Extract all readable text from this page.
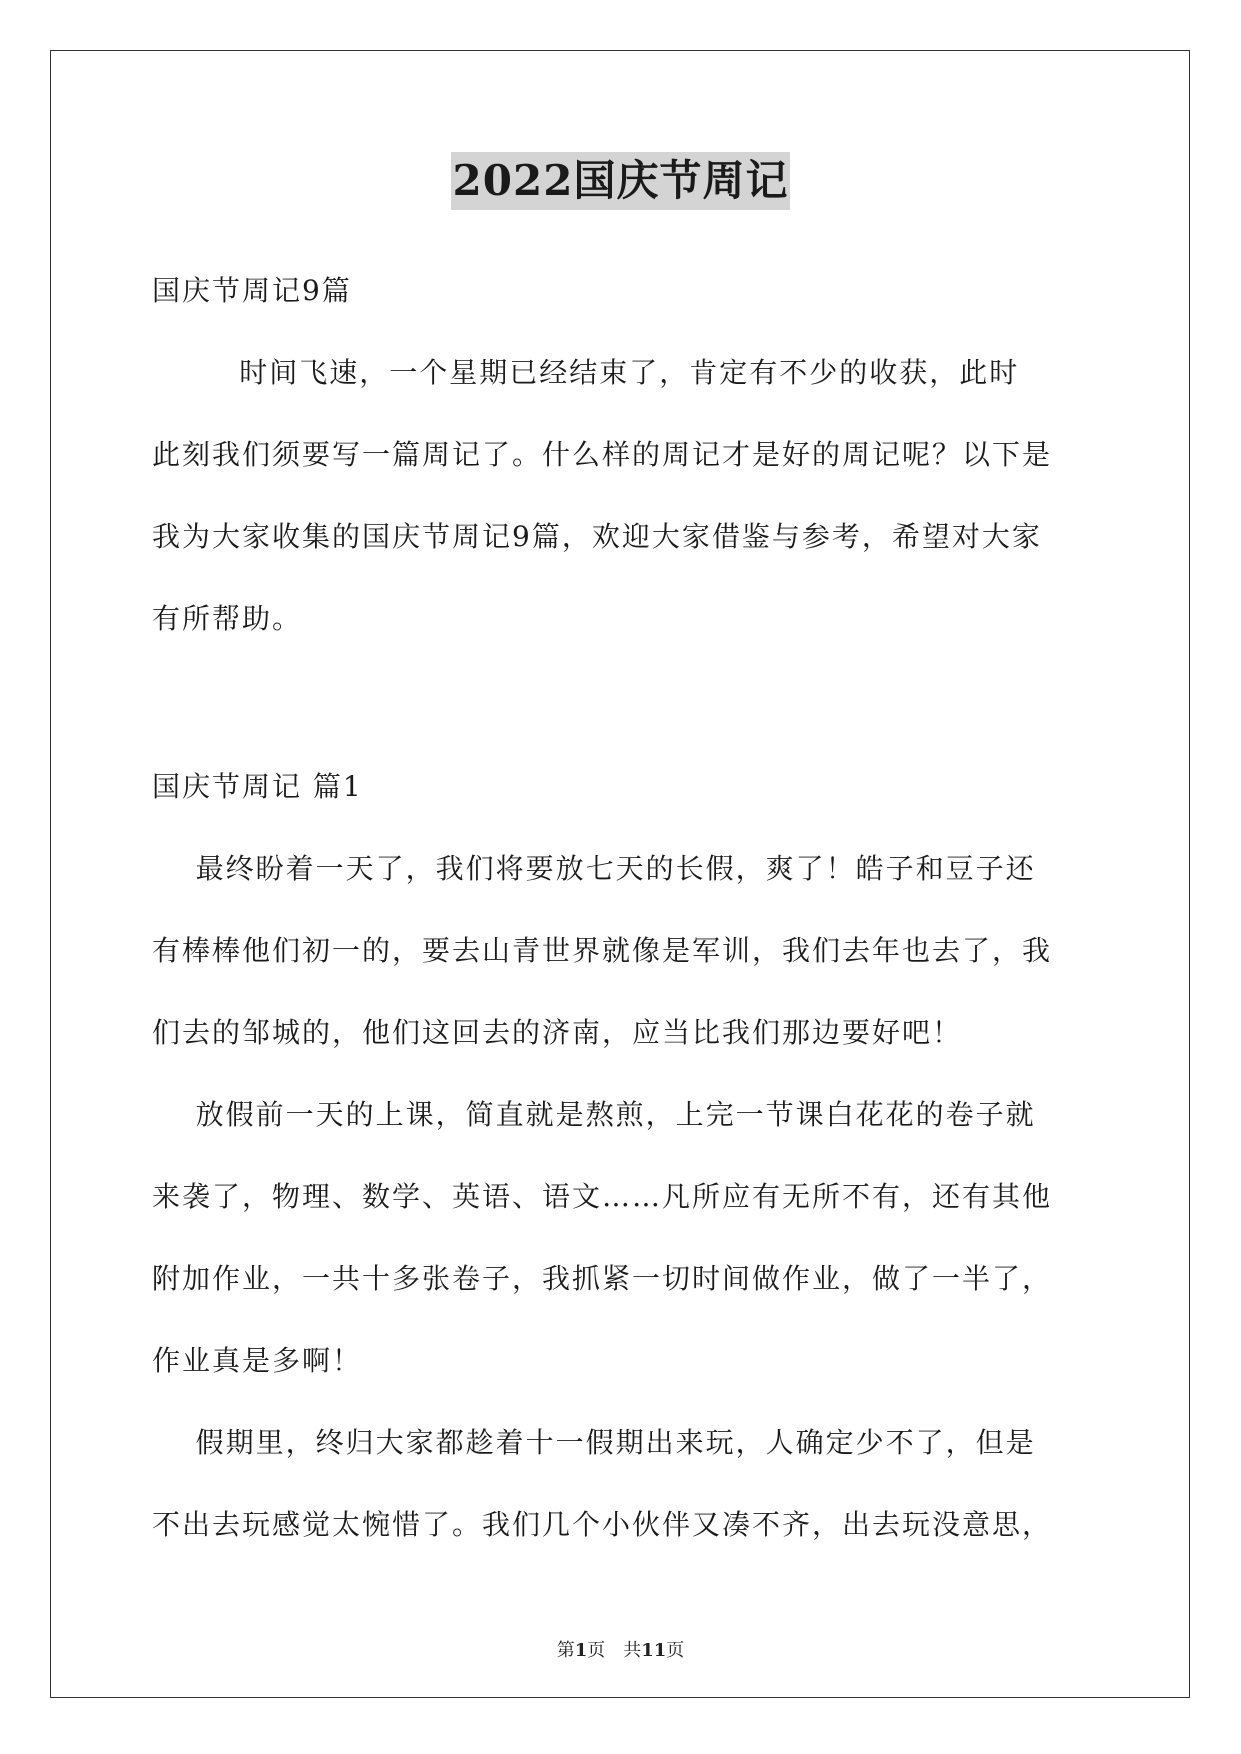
2022国庆节周记
国庆节周记9篇
时间飞速，一个星期已经结束了，肯定有不少的收获，此时
此刻我们须要写一篇周记了。什么样的周记才是好的周记呢？以下是
我为大家收集的国庆节周记9篇，欢迎大家借鉴与参考，希望对大家
有所帮助。
国庆节周记 篇1
最终盼着一天了，我们将要放七天的长假，爽了！皓子和豆子还
有棒棒他们初一的，要去山青世界就像是军训，我们去年也去了，我
们去的邹城的，他们这回去的济南，应当比我们那边要好吧！
放假前一天的上课，简直就是熬煎，上完一节课白花花的卷子就
来袭了，物理、数学、英语、语文……凡所应有无所不有，还有其他
附加作业，一共十多张卷子，我抓紧一切时间做作业，做了一半了，
作业真是多啊！
假期里，终归大家都趁着十一假期出来玩，人确定少不了，但是
不出去玩感觉太惋惜了。我们几个小伙伴又凑不齐，出去玩没意思，
第1页　共11页
